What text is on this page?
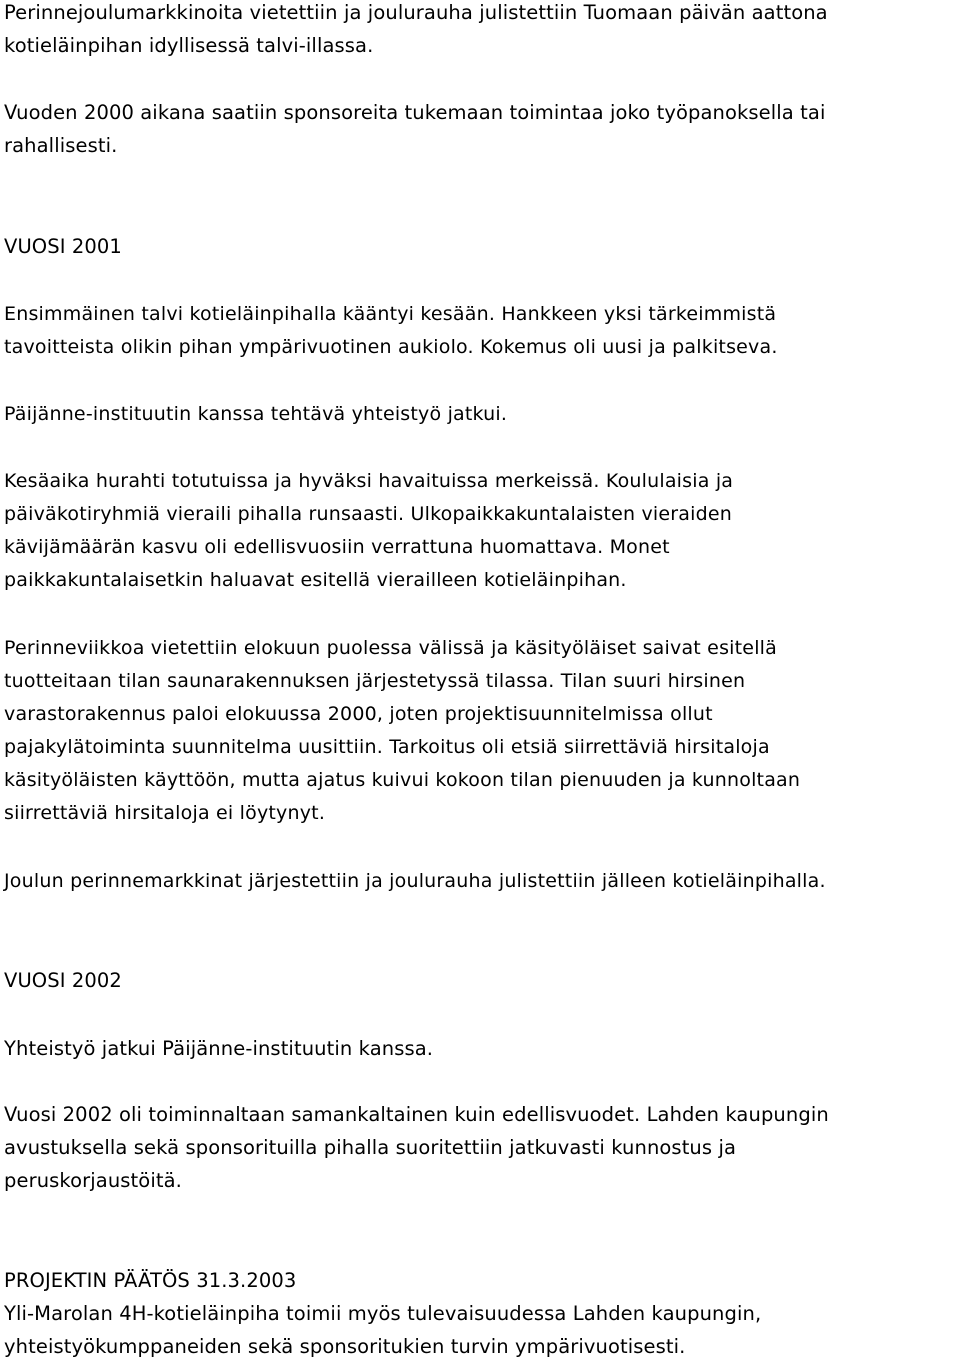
Perinnejoulumarkkinoita vietettiin ja joulurauha julistettiin Tuomaan päivän aattona
kotieläinpihan idyllisessä talvi-illassa.
Vuoden 2000 aikana saatiin sponsoreita tukemaan toimintaa joko työpanoksella tai
rahallisesti.
VUOSI 2001
Ensimmäinen talvi kotieläinpihalla kääntyi kesään. Hankkeen yksi tärkeimmistä
tavoitteista olikin pihan ympärivuotinen aukiolo. Kokemus oli uusi ja palkitseva.
Päijänne-instituutin kanssa tehtävä yhteistyö jatkui.
Kesäaika hurahti totutuissa ja hyväksi havaituissa merkeissä. Koululaisia ja
päiväkotiryhmiä vieraili pihalla runsaasti. Ulkopaikkakuntalaisten vieraiden
kävijämäärän kasvu oli edellisvuosiin verrattuna huomattava. Monet
paikkakuntalaisetkin haluavat esitellä vierailleen kotieläinpihan.
Perinneviikkoa vietettiin elokuun puolessa välissä ja käsityöläiset saivat esitellä
tuotteitaan tilan saunarakennuksen järjestetyssä tilassa. Tilan suuri hirsinen
varastorakennus paloi elokuussa 2000, joten projektisuunnitelmissa ollut
pajakylätoiminta suunnitelma uusittiin. Tarkoitus oli etsiä siirrettäviä hirsitaloja
käsityöläisten käyttöön, mutta ajatus kuivui kokoon tilan pienuuden ja kunnoltaan
siirrettäviä hirsitaloja ei löytynyt.
Joulun perinnemarkkinat järjestettiin ja joulurauha julistettiin jälleen kotieläinpihalla.
VUOSI 2002
Yhteistyö jatkui Päijänne-instituutin kanssa.
Vuosi 2002 oli toiminnaltaan samankaltainen kuin edellisvuodet. Lahden kaupungin
avustuksella sekä sponsorituilla pihalla suoritettiin jatkuvasti kunnostus ja
peruskorjaustöitä.
PROJEKTIN PÄÄTÖS 31.3.2003
Yli-Marolan 4H-kotieläinpiha toimii myös tulevaisuudessa Lahden kaupungin,
yhteistyökumppaneiden sekä sponsoritukien turvin ympärivuotisesti.
